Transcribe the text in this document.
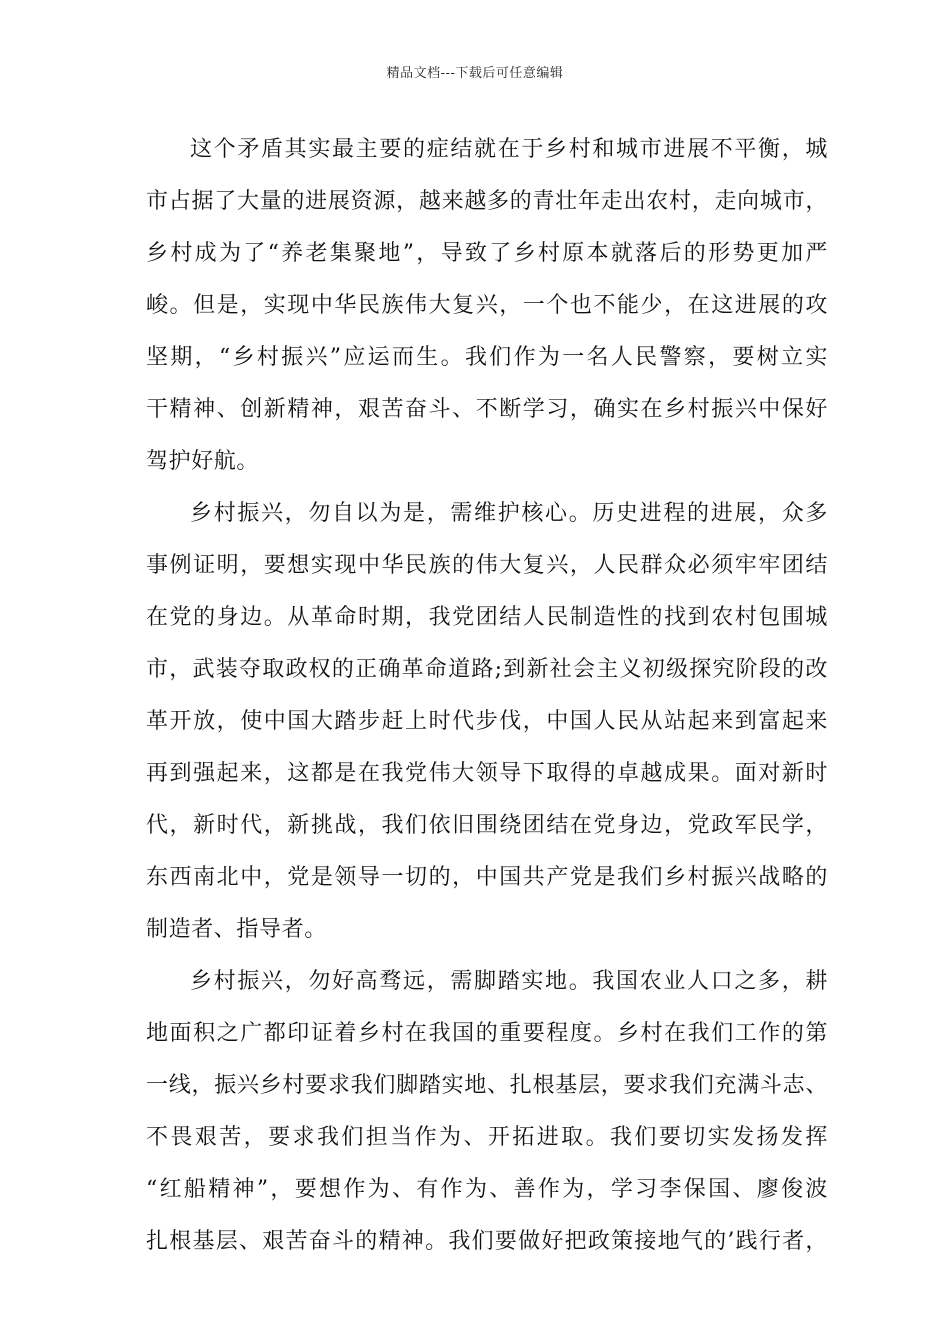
精品文档---下载后可任意编辑
这个矛盾其实最主要的症结就在于乡村和城市进展不平衡，城
市占据了大量的进展资源，越来越多的青壮年走出农村，走向城市，
乡村成为了“养老集聚地”，导致了乡村原本就落后的形势更加严
峻。但是，实现中华民族伟大复兴，一个也不能少，在这进展的攻
坚期，“乡村振兴”应运而生。我们作为一名人民警察，要树立实
干精神、创新精神，艰苦奋斗、不断学习，确实在乡村振兴中保好
驾护好航。
乡村振兴，勿自以为是，需维护核心。历史进程的进展，众多
事例证明，要想实现中华民族的伟大复兴，人民群众必须牢牢团结
在党的身边。从革命时期，我党团结人民制造性的找到农村包围城
市，武装夺取政权的正确革命道路;到新社会主义初级探究阶段的改
革开放，使中国大踏步赶上时代步伐，中国人民从站起来到富起来
再到强起来，这都是在我党伟大领导下取得的卓越成果。面对新时
代，新时代，新挑战，我们依旧围绕团结在党身边，党政军民学，
东西南北中，党是领导一切的，中国共产党是我们乡村振兴战略的
制造者、指导者。
乡村振兴，勿好高骛远，需脚踏实地。我国农业人口之多，耕
地面积之广都印证着乡村在我国的重要程度。乡村在我们工作的第
一线，振兴乡村要求我们脚踏实地、扎根基层，要求我们充满斗志、
不畏艰苦，要求我们担当作为、开拓进取。我们要切实发扬发挥
“红船精神”，要想作为、有作为、善作为，学习李保国、廖俊波
扎根基层、艰苦奋斗的精神。我们要做好把政策接地气的’践行者，
